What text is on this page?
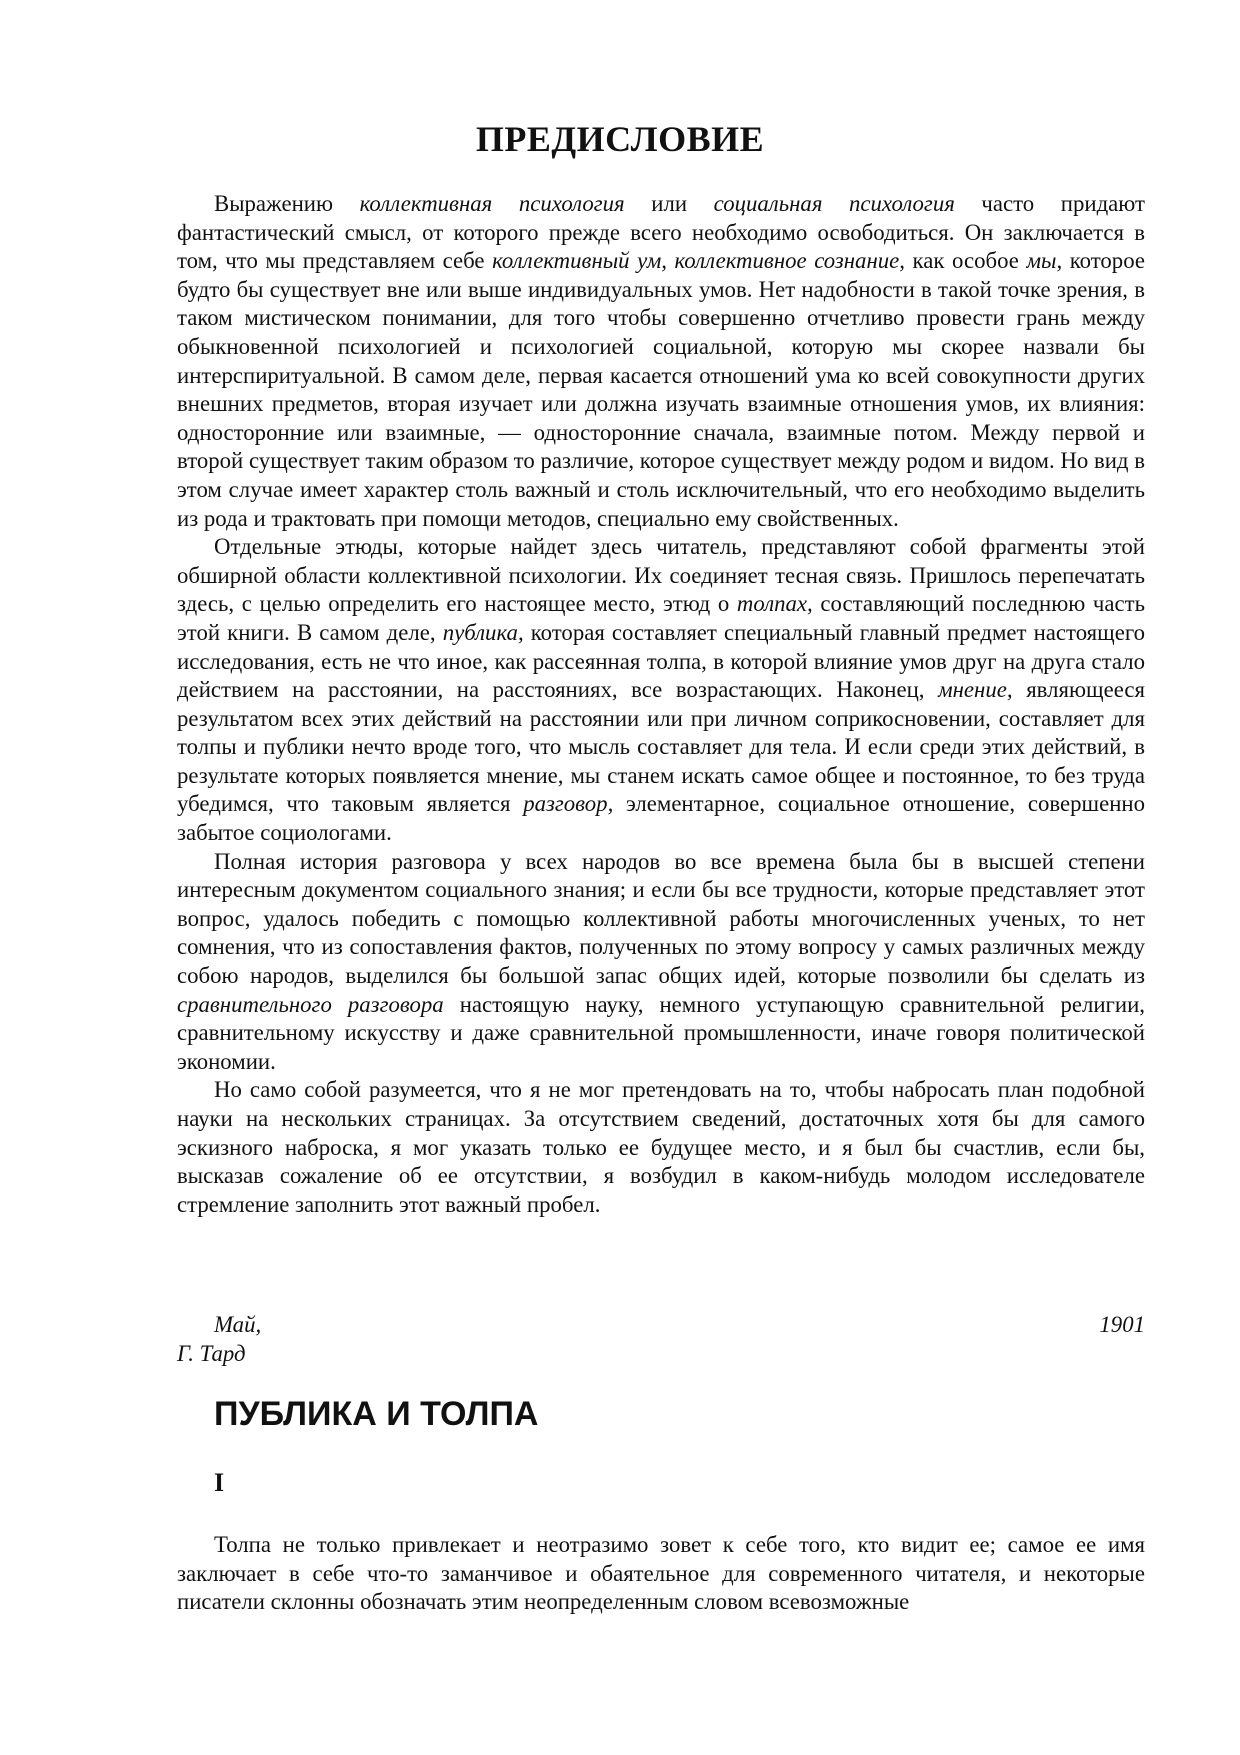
ПРЕДИСЛОВИЕ

Выражению коллективная психология или социальная психология часто придают фантастический смысл, от которого прежде всего необходимо освободиться. Он заключается в том, что мы представляем себе коллективный ум, коллективное сознание, как особое мы, которое будто бы существует вне или выше индивидуальных умов. Нет надобности в такой точке зрения, в таком мистическом понимании, для того чтобы совершенно отчетливо провести грань между обыкновенной психологией и психологией социальной, которую мы скорее назвали бы интерспиритуальной. В самом деле, первая касается отношений ума ко всей совокупности других внешних предметов, вторая изучает или должна изучать взаимные отношения умов, их влияния: односторонние или взаимные, — односторонние сначала, взаимные потом. Между первой и второй существует таким образом то различие, которое существует между родом и видом. Но вид в этом случае имеет характер столь важный и столь исключительный, что его необходимо выделить из рода и трактовать при помощи методов, специально ему свойственных.

Отдельные этюды, которые найдет здесь читатель, представляют собой фрагменты этой обширной области коллективной психологии. Их соединяет тесная связь. Пришлось перепечатать здесь, с целью определить его настоящее место, этюд о толпах, составляющий последнюю часть этой книги. В самом деле, публика, которая составляет специальный главный предмет настоящего исследования, есть не что иное, как рассеянная толпа, в которой влияние умов друг на друга стало действием на расстоянии, на расстояниях, все возрастающих. Наконец, мнение, являющееся результатом всех этих действий на расстоянии или при личном соприкосновении, составляет для толпы и публики нечто вроде того, что мысль составляет для тела. И если среди этих действий, в результате которых появляется мнение, мы станем искать самое общее и постоянное, то без труда убедимся, что таковым является разговор, элементарное, социальное отношение, совершенно забытое социологами.

Полная история разговора у всех народов во все времена была бы в высшей степени интересным документом социального знания; и если бы все трудности, которые представляет этот вопрос, удалось победить с помощью коллективной работы многочисленных ученых, то нет сомнения, что из сопоставления фактов, полученных по этому вопросу у самых различных между собою народов, выделился бы большой запас общих идей, которые позволили бы сделать из сравнительного разговора настоящую науку, немного уступающую сравнительной религии, сравнительному искусству и даже сравнительной промышленности, иначе говоря политической экономии.

Но само собой разумеется, что я не мог претендовать на то, чтобы набросать план подобной науки на нескольких страницах. За отсутствием сведений, достаточных хотя бы для самого эскизного наброска, я мог указать только ее будущее место, и я был бы счастлив, если бы, высказав сожаление об ее отсутствии, я возбудил в каком-нибудь молодом исследователе стремление заполнить этот важный пробел.

Май,	1901
Г. Тард
ПУБЛИКА И ТОЛПА
I

Толпа не только привлекает и неотразимо зовет к себе того, кто видит ее; самое ее имя заключает в себе что-то заманчивое и обаятельное для современного читателя, и некоторые писатели склонны обозначать этим неопределенным словом всевозможные
